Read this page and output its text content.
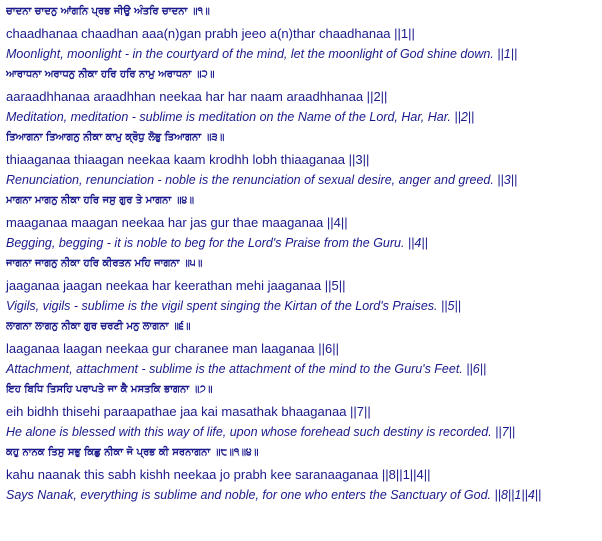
ਚਾਦਨਾ ਚਾਦਨੁ ਆਂਗਨਿ ਪ੍ਰਭ ਜੀਉ ਅੰਤਰਿ ਚਾਦਨਾ ॥੧॥
chaadhanaa chaadhan aaa(n)gan prabh jeeo a(n)thar chaadhanaa ||1||
Moonlight, moonlight - in the courtyard of the mind, let the moonlight of God shine down. ||1||
ਆਰਾਧਨਾ ਅਰਾਧਨੁ ਨੀਕਾ ਹਰਿ ਹਰਿ ਨਾਮੁ ਅਰਾਧਨਾ ॥੨॥
aaraadhhanaa araadhhan neekaa har har naam araadhhanaa ||2||
Meditation, meditation - sublime is meditation on the Name of the Lord, Har, Har. ||2||
ਤਿਆਗਨਾ ਤਿਆਗਨੁ ਨੀਕਾ ਕਾਮੁ ਕ੍ਰੋਧੁ ਲੋਭੁ ਤਿਆਗਨਾ ॥੩॥
thiaaganaa thiaagan neekaa kaam krodhh lobh thiaaganaa ||3||
Renunciation, renunciation - noble is the renunciation of sexual desire, anger and greed. ||3||
ਮਾਗਨਾ ਮਾਗਨੁ ਨੀਕਾ ਹਰਿ ਜਸੁ ਗੁਰ ਤੇ ਮਾਗਨਾ ॥੪॥
maaganaa maagan neekaa har jas gur thae maaganaa ||4||
Begging, begging - it is noble to beg for the Lord's Praise from the Guru. ||4||
ਜਾਗਨਾ ਜਾਗਨੁ ਨੀਕਾ ਹਰਿ ਕੀਰਤਨ ਮਹਿ ਜਾਗਨਾ ॥੫॥
jaaganaa jaagan neekaa har keerathan mehi jaaganaa ||5||
Vigils, vigils - sublime is the vigil spent singing the Kirtan of the Lord's Praises. ||5||
ਲਾਗਨਾ ਲਾਗਨੁ ਨੀਕਾ ਗੁਰ ਚਰਣੀ ਮਨੁ ਲਾਗਨਾ ॥੬॥
laaganaa laagan neekaa gur charanee man laaganaa ||6||
Attachment, attachment - sublime is the attachment of the mind to the Guru's Feet. ||6||
ਇਹ ਬਿਧਿ ਤਿਸਹਿ ਪਰਾਪਤੇ ਜਾ ਕੈ ਮਸਤਕਿ ਭਾਗਨਾ ॥੭॥
eih bidhh thisehi paraapathae jaa kai masathak bhaaganaa ||7||
He alone is blessed with this way of life, upon whose forehead such destiny is recorded. ||7||
ਕਹੁ ਨਾਨਕ ਤਿਸੁ ਸਭੁ ਕਿਛੁ ਨੀਕਾ ਜੋ ਪ੍ਰਭ ਕੀ ਸਰਨਾਗਨਾ ॥੮॥੧॥੪॥
kahu naanak this sabh kishh neekaa jo prabh kee saranaaganaa ||8||1||4||
Says Nanak, everything is sublime and noble, for one who enters the Sanctuary of God. ||8||1||4||
